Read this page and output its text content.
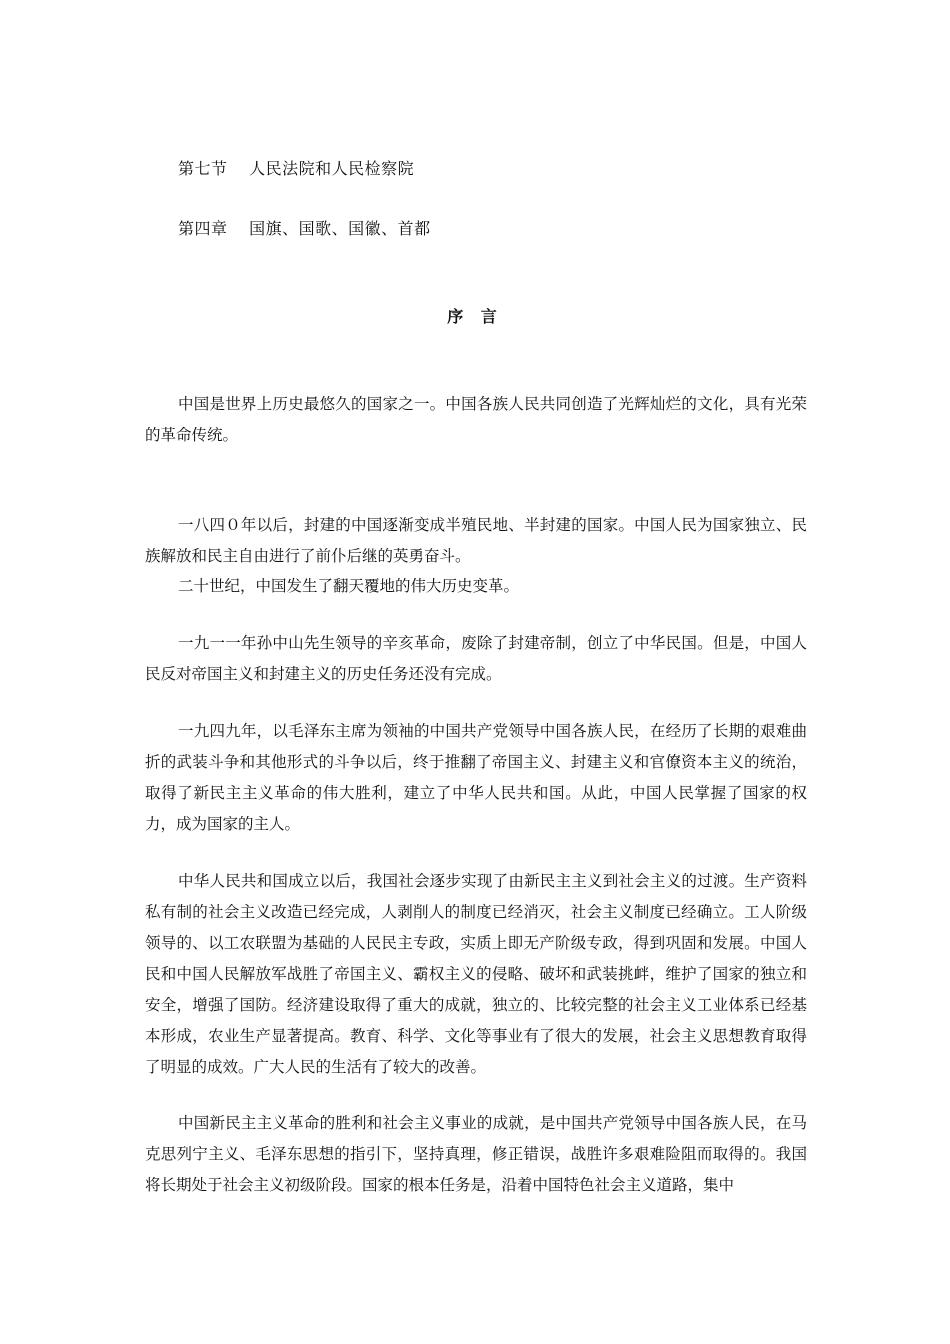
第七节 人民法院和人民检察院
第四章 国旗、国歌、国徽、首都
序 言

中国是世界上历史最悠久的国家之一。中国各族人民共同创造了光辉灿烂的文化，具有光荣的革命传统。

一八四０年以后，封建的中国逐渐变成半殖民地、半封建的国家。中国人民为国家独立、民族解放和民主自由进行了前仆后继的英勇奋斗。

二十世纪，中国发生了翻天覆地的伟大历史变革。

一九一一年孙中山先生领导的辛亥革命，废除了封建帝制，创立了中华民国。但是，中国人民反对帝国主义和封建主义的历史任务还没有完成。

一九四九年，以毛泽东主席为领袖的中国共产党领导中国各族人民，在经历了长期的艰难曲折的武装斗争和其他形式的斗争以后，终于推翻了帝国主义、封建主义和官僚资本主义的统治，取得了新民主主义革命的伟大胜利，建立了中华人民共和国。从此，中国人民掌握了国家的权力，成为国家的主人。

中华人民共和国成立以后，我国社会逐步实现了由新民主主义到社会主义的过渡。生产资料私有制的社会主义改造已经完成，人剥削人的制度已经消灭，社会主义制度已经确立。工人阶级领导的、以工农联盟为基础的人民民主专政，实质上即无产阶级专政，得到巩固和发展。中国人民和中国人民解放军战胜了帝国主义、霸权主义的侵略、破坏和武装挑衅，维护了国家的独立和安全，增强了国防。经济建设取得了重大的成就，独立的、比较完整的社会主义工业体系已经基本形成，农业生产显著提高。教育、科学、文化等事业有了很大的发展，社会主义思想教育取得了明显的成效。广大人民的生活有了较大的改善。

中国新民主主义革命的胜利和社会主义事业的成就，是中国共产党领导中国各族人民，在马克思列宁主义、毛泽东思想的指引下，坚持真理，修正错误，战胜许多艰难险阻而取得的。我国将长期处于社会主义初级阶段。国家的根本任务是，沿着中国特色社会主义道路，集中
